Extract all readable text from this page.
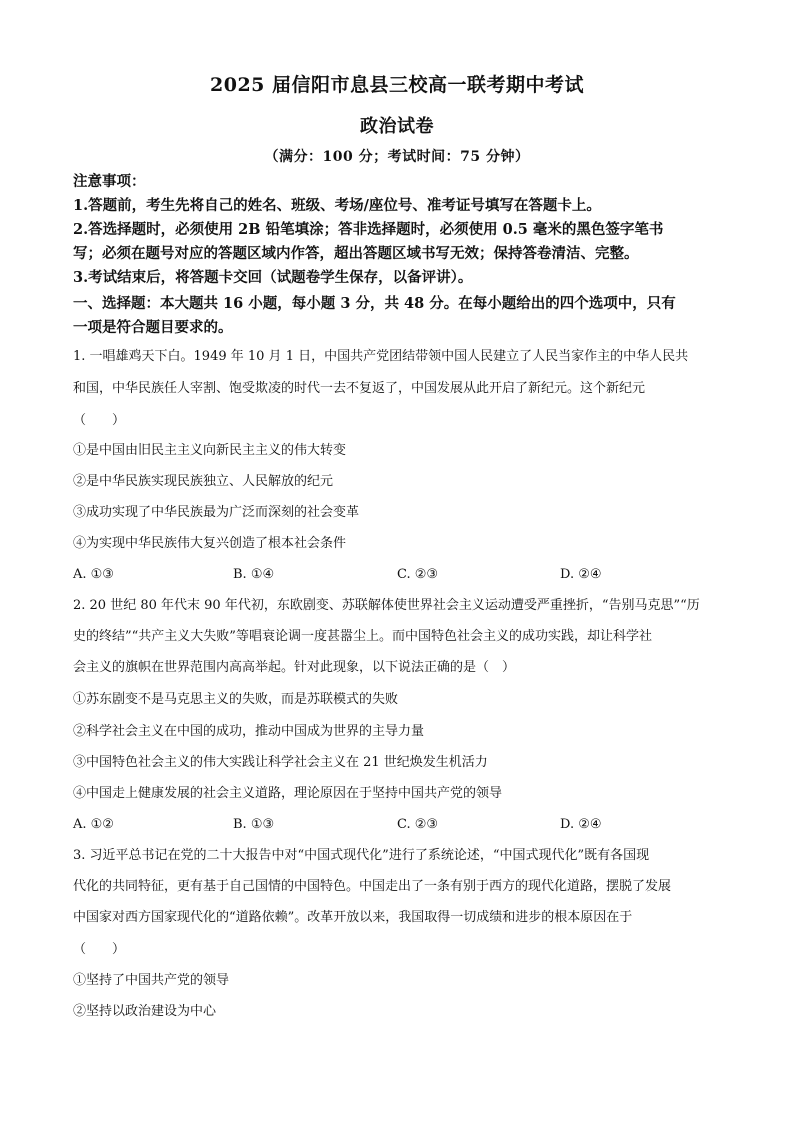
2025 届信阳市息县三校高一联考期中考试
政治试卷
（满分：100 分；考试时间：75 分钟）
注意事项：
1.答题前，考生先将自己的姓名、班级、考场/座位号、准考证号填写在答题卡上。
2.答选择题时，必须使用 2B 铅笔填涂；答非选择题时，必须使用 0.5 毫米的黑色签字笔书
写；必须在题号对应的答题区域内作答，超出答题区域书写无效；保持答卷清洁、完整。
3.考试结束后，将答题卡交回（试题卷学生保存，以备评讲）。
一、选择题：本大题共 16 小题，每小题 3 分，共 48 分。在每小题给出的四个选项中，只有
一项是符合题目要求的。
1. 一唱雄鸡天下白。1949 年 10 月 1 日，中国共产党团结带领中国人民建立了人民当家作主的中华人民共
和国，中华民族任人宰割、饱受欺凌的时代一去不复返了，中国发展从此开启了新纪元。这个新纪元
（　　）
①是中国由旧民主主义向新民主主义的伟大转变
②是中华民族实现民族独立、人民解放的纪元
③成功实现了中华民族最为广泛而深刻的社会变革
④为实现中华民族伟大复兴创造了根本社会条件
A. ①③	B. ①④	C. ②③	D. ②④
2. 20 世纪 80 年代末 90 年代初，东欧剧变、苏联解体使世界社会主义运动遭受严重挫折，“告别马克思”“历
史的终结”“共产主义大失败”等唱衰论调一度甚嚣尘上。而中国特色社会主义的成功实践，却让科学社
会主义的旗帜在世界范围内高高举起。针对此现象，以下说法正确的是（　）
①苏东剧变不是马克思主义的失败，而是苏联模式的失败
②科学社会主义在中国的成功，推动中国成为世界的主导力量
③中国特色社会主义的伟大实践让科学社会主义在 21 世纪焕发生机活力
④中国走上健康发展的社会主义道路，理论原因在于坚持中国共产党的领导
A. ①②	B. ①③	C. ②③	D. ②④
3. 习近平总书记在党的二十大报告中对“中国式现代化”进行了系统论述，“中国式现代化”既有各国现
代化的共同特征，更有基于自己国情的中国特色。中国走出了一条有别于西方的现代化道路，摆脱了发展
中国家对西方国家现代化的“道路依赖”。改革开放以来，我国取得一切成绩和进步的根本原因在于
（　　）
①坚持了中国共产党的领导
②坚持以政治建设为中心
